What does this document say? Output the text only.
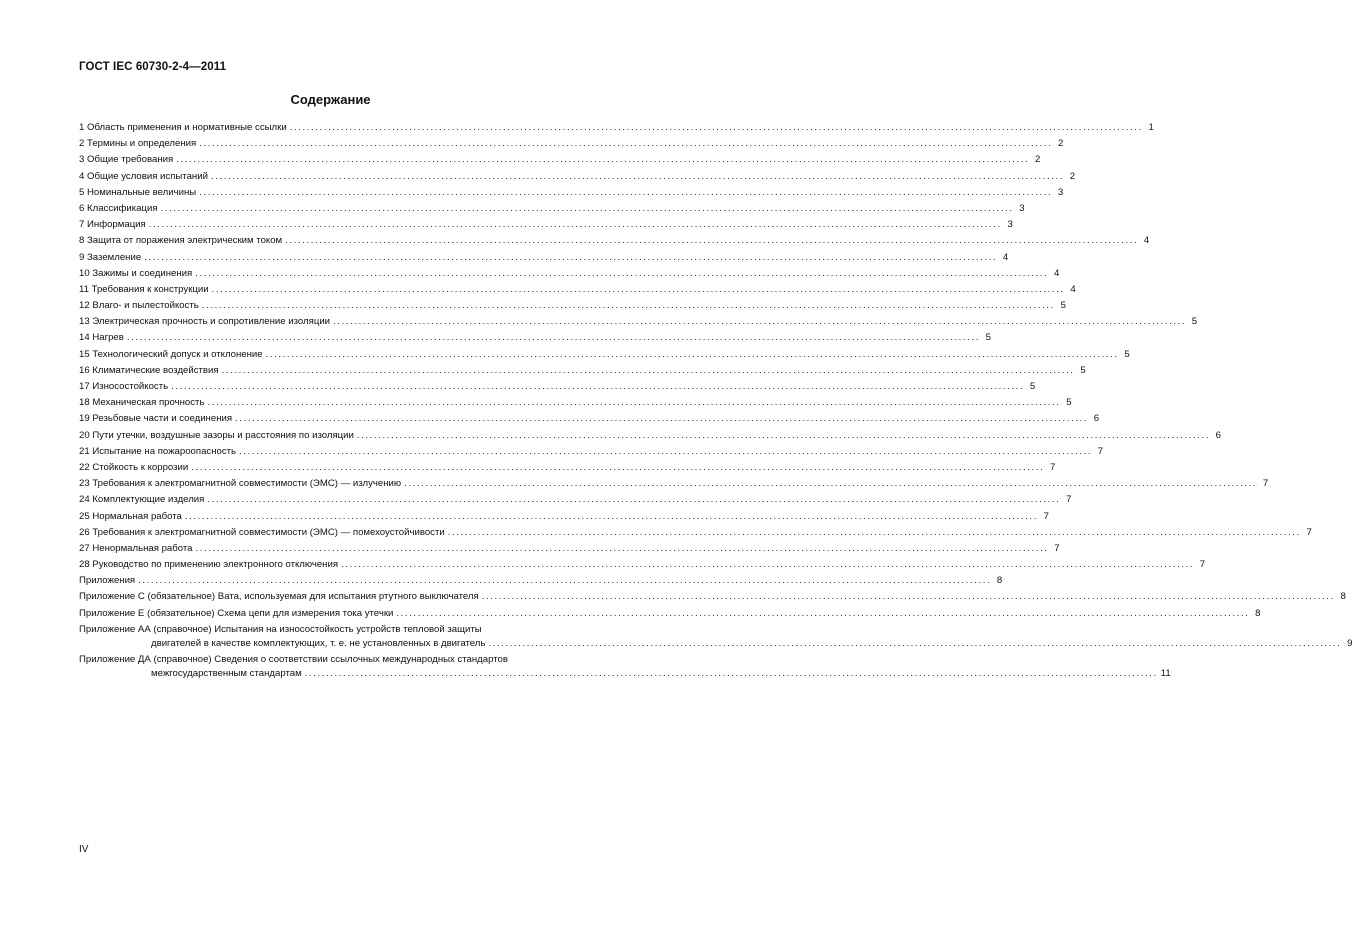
ГОСТ IEC 60730-2-4—2011
Содержание
1 Область применения и нормативные ссылки ........................................................................................................................................................................................................ 1
2 Термины и определения ........................................................................................................................................................................................................ 2
3 Общие требования ........................................................................................................................................................................................................ 2
4 Общие условия испытаний ........................................................................................................................................................................................................ 2
5 Номинальные величины ........................................................................................................................................................................................................ 3
6 Классификация ........................................................................................................................................................................................................ 3
7 Информация ........................................................................................................................................................................................................ 3
8 Защита от поражения электрическим током ........................................................................................................................................................................................................ 4
9 Заземление ........................................................................................................................................................................................................ 4
10 Зажимы и соединения ........................................................................................................................................................................................................ 4
11 Требования к конструкции ........................................................................................................................................................................................................ 4
12 Влаго- и пылестойкость ........................................................................................................................................................................................................ 5
13 Электрическая прочность и сопротивление изоляции ........................................................................................................................................................................................................ 5
14 Нагрев ........................................................................................................................................................................................................ 5
15 Технологический допуск и отклонение ........................................................................................................................................................................................................ 5
16 Климатические воздействия ........................................................................................................................................................................................................ 5
17 Износостойкость ........................................................................................................................................................................................................ 5
18 Механическая прочность ........................................................................................................................................................................................................ 5
19 Резьбовые части и соединения ........................................................................................................................................................................................................ 6
20 Пути утечки, воздушные зазоры и расстояния по изоляции ........................................................................................................................................................................................................ 6
21 Испытание на пожароопасность ........................................................................................................................................................................................................ 7
22 Стойкость к коррозии ........................................................................................................................................................................................................ 7
23 Требования к электромагнитной совместимости (ЭМС) — излучению ........................................................................................................................................................................................................ 7
24 Комплектующие изделия ........................................................................................................................................................................................................ 7
25 Нормальная работа ........................................................................................................................................................................................................ 7
26 Требования к электромагнитной совместимости (ЭМС) — помехоустойчивости ........................................................................................................................................................................................................ 7
27 Ненормальная работа ........................................................................................................................................................................................................ 7
28 Руководство по применению электронного отключения ........................................................................................................................................................................................................ 7
Приложения ........................................................................................................................................................................................................ 8
Приложение С (обязательное) Вата, используемая для испытания ртутного выключателя ........................................................................................................................................................................................................ 8
Приложение Е (обязательное) Схема цепи для измерения тока утечки ........................................................................................................................................................................................................ 8
Приложение АА (справочное) Испытания на износостойкость устройств тепловой защиты
двигателей в качестве комплектующих, т. е. не установленных в двигатель ........................................................................................................................................................................................................ 9
Приложение ДА (справочное) Сведения о соответствии ссылочных международных стандартов
межгосударственным стандартам ........................................................................................................................................................................................................ 11
IV
